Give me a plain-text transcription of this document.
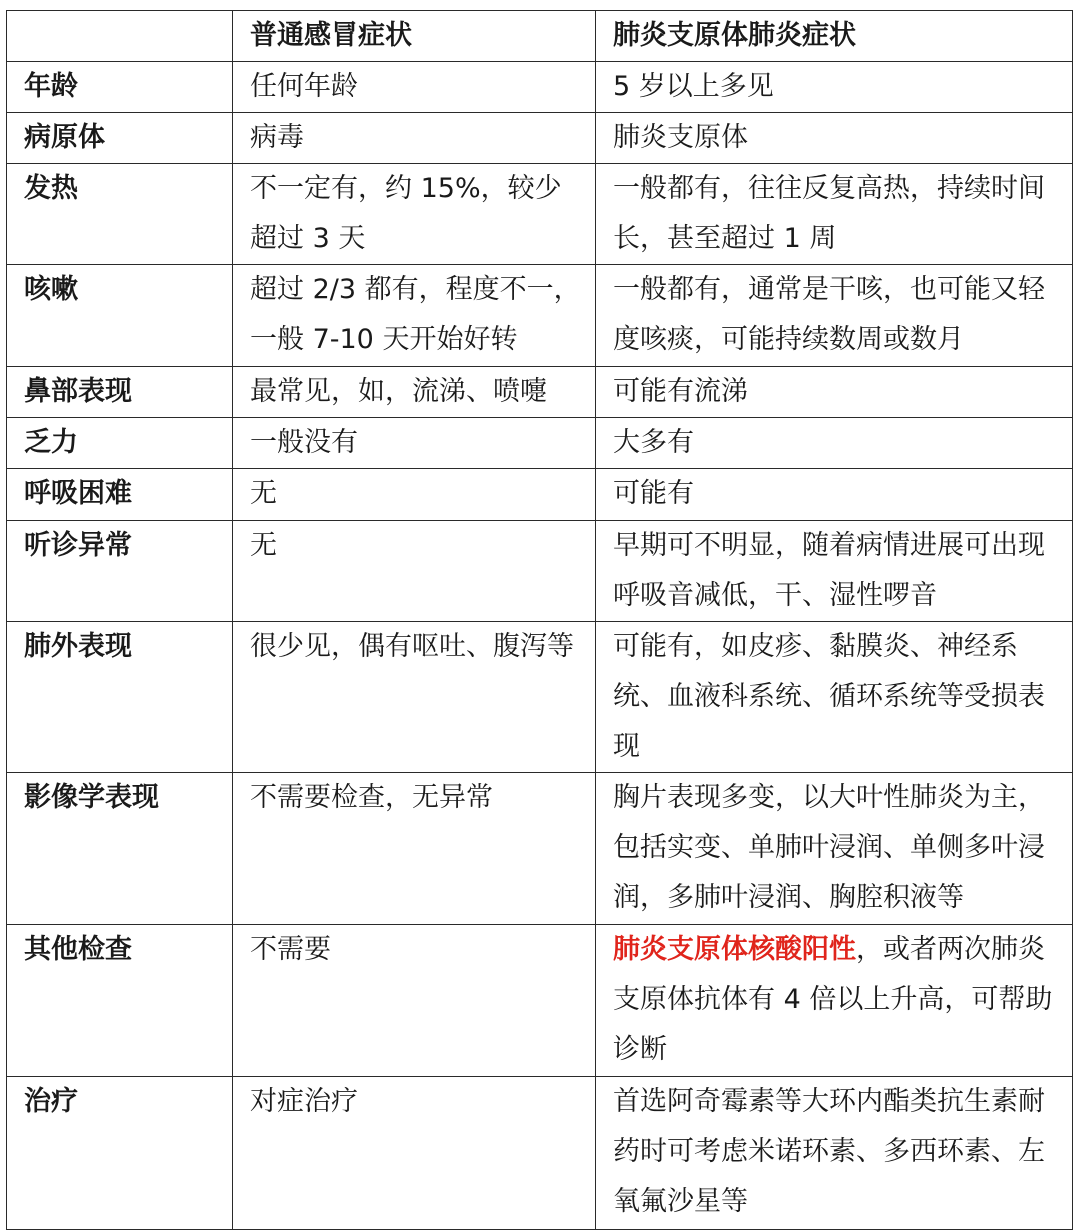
	普通感冒症状	肺炎支原体肺炎症状
年龄	任何年龄	5 岁以上多见
病原体	病毒	肺炎支原体
发热	不一定有，约 15%，较少超过 3 天	一般都有，往往反复高热，持续时间长，甚至超过 1 周
咳嗽	超过 2/3 都有，程度不一，一般 7-10 天开始好转	一般都有，通常是干咳，也可能又轻度咳痰，可能持续数周或数月
鼻部表现	最常见，如，流涕、喷嚏	可能有流涕
乏力	一般没有	大多有
呼吸困难	无	可能有
听诊异常	无	早期可不明显，随着病情进展可出现呼吸音减低，干、湿性啰音
肺外表现	很少见，偶有呕吐、腹泻等	可能有，如皮疹、黏膜炎、神经系统、血液科系统、循环系统等受损表现
影像学表现	不需要检查，无异常	胸片表现多变，以大叶性肺炎为主，包括实变、单肺叶浸润、单侧多叶浸润，多肺叶浸润、胸腔积液等
其他检查	不需要	肺炎支原体核酸阳性，或者两次肺炎支原体抗体有 4 倍以上升高，可帮助诊断
治疗	对症治疗	首选阿奇霉素等大环内酯类抗生素耐药时可考虑米诺环素、多西环素、左氧氟沙星等
